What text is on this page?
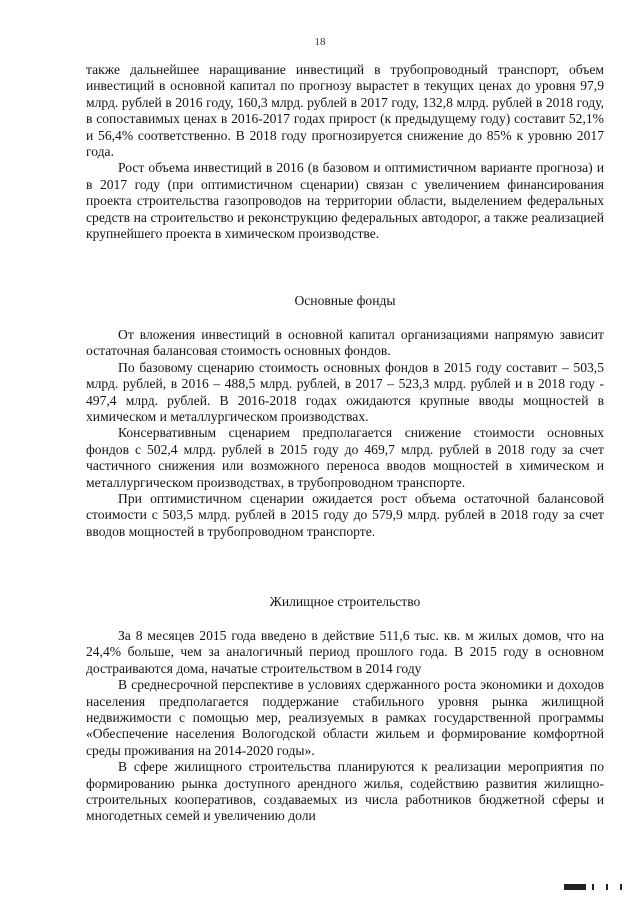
18

также дальнейшее наращивание инвестиций в трубопроводный транспорт, объем инвестиций в основной капитал по прогнозу вырастет в текущих ценах до уровня 97,9 млрд. рублей в 2016 году, 160,3 млрд. рублей в 2017 году, 132,8 млрд. рублей в 2018 году, в сопоставимых ценах в 2016-2017 годах прирост (к предыдущему году) составит 52,1% и 56,4% соответственно. В 2018 году прогнозируется снижение до 85% к уровню 2017 года.

Рост объема инвестиций в 2016 (в базовом и оптимистичном варианте прогноза) и в 2017 году (при оптимистичном сценарии) связан с увеличением финансирования проекта строительства газопроводов на территории области, выделением федеральных средств на строительство и реконструкцию федеральных автодорог, а также реализацией крупнейшего проекта в химическом производстве.

Основные фонды

От вложения инвестиций в основной капитал организациями напрямую зависит остаточная балансовая стоимость основных фондов.

По базовому сценарию стоимость основных фондов в 2015 году составит – 503,5 млрд. рублей, в 2016 – 488,5 млрд. рублей, в 2017 – 523,3 млрд. рублей и в 2018 году - 497,4 млрд. рублей. В 2016-2018 годах ожидаются крупные вводы мощностей в химическом и металлургическом производствах.

Консервативным сценарием предполагается снижение стоимости основных фондов с 502,4 млрд. рублей в 2015 году до 469,7 млрд. рублей в 2018 году за счет частичного снижения или возможного переноса вводов мощностей в химическом и металлургическом производствах, в трубопроводном транспорте.

При оптимистичном сценарии ожидается рост объема остаточной балансовой стоимости с 503,5 млрд. рублей в 2015 году до 579,9 млрд. рублей в 2018 году за счет вводов мощностей в трубопроводном транспорте.

Жилищное строительство

За 8 месяцев 2015 года введено в действие 511,6 тыс. кв. м жилых домов, что на 24,4% больше, чем за аналогичный период прошлого года. В 2015 году в основном достраиваются дома, начатые строительством в 2014 году

В среднесрочной перспективе в условиях сдержанного роста экономики и доходов населения предполагается поддержание стабильного уровня рынка жилищной недвижимости с помощью мер, реализуемых в рамках государственной программы «Обеспечение населения Вологодской области жильем и формирование комфортной среды проживания на 2014-2020 годы».

В сфере жилищного строительства планируются к реализации мероприятия по формированию рынка доступного арендного жилья, содействию развития жилищно-строительных кооперативов, создаваемых из числа работников бюджетной сферы и многодетных семей и увеличению доли
